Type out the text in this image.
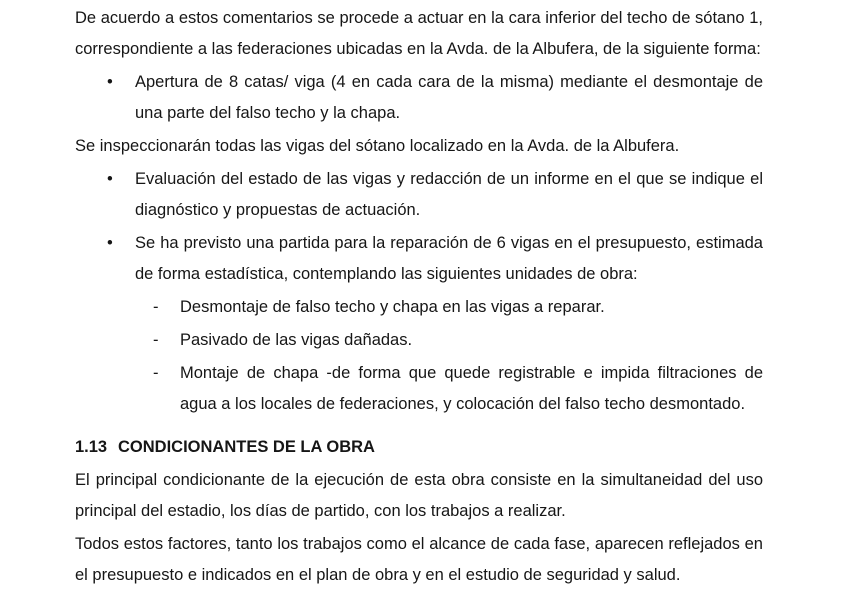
De acuerdo a estos comentarios se procede a actuar en la cara inferior del techo de sótano 1, correspondiente a las federaciones ubicadas en la Avda. de la Albufera, de la siguiente forma:

•	Apertura de 8 catas/ viga (4 en cada cara de la misma) mediante el desmontaje de una parte del falso techo y la chapa.

Se inspeccionarán todas las vigas del sótano localizado en la Avda. de la Albufera.

•	Evaluación del estado de las vigas y redacción de un informe en el que se indique el diagnóstico y propuestas de actuación.
•	Se ha previsto una partida para la reparación de 6 vigas en el presupuesto, estimada de forma estadística, contemplando las siguientes unidades de obra:
-	Desmontaje de falso techo y chapa en las vigas a reparar.
-	Pasivado de las vigas dañadas.
-	Montaje de chapa -de forma que quede registrable e impida filtraciones de agua a los locales de federaciones, y colocación del falso techo desmontado.
1.13 CONDICIONANTES DE LA OBRA

El principal condicionante de la ejecución de esta obra consiste en la simultaneidad del uso principal del estadio, los días de partido, con los trabajos a realizar.

Todos estos factores, tanto los trabajos como el alcance de cada fase, aparecen reflejados en el presupuesto e indicados en el plan de obra y en el estudio de seguridad y salud.
